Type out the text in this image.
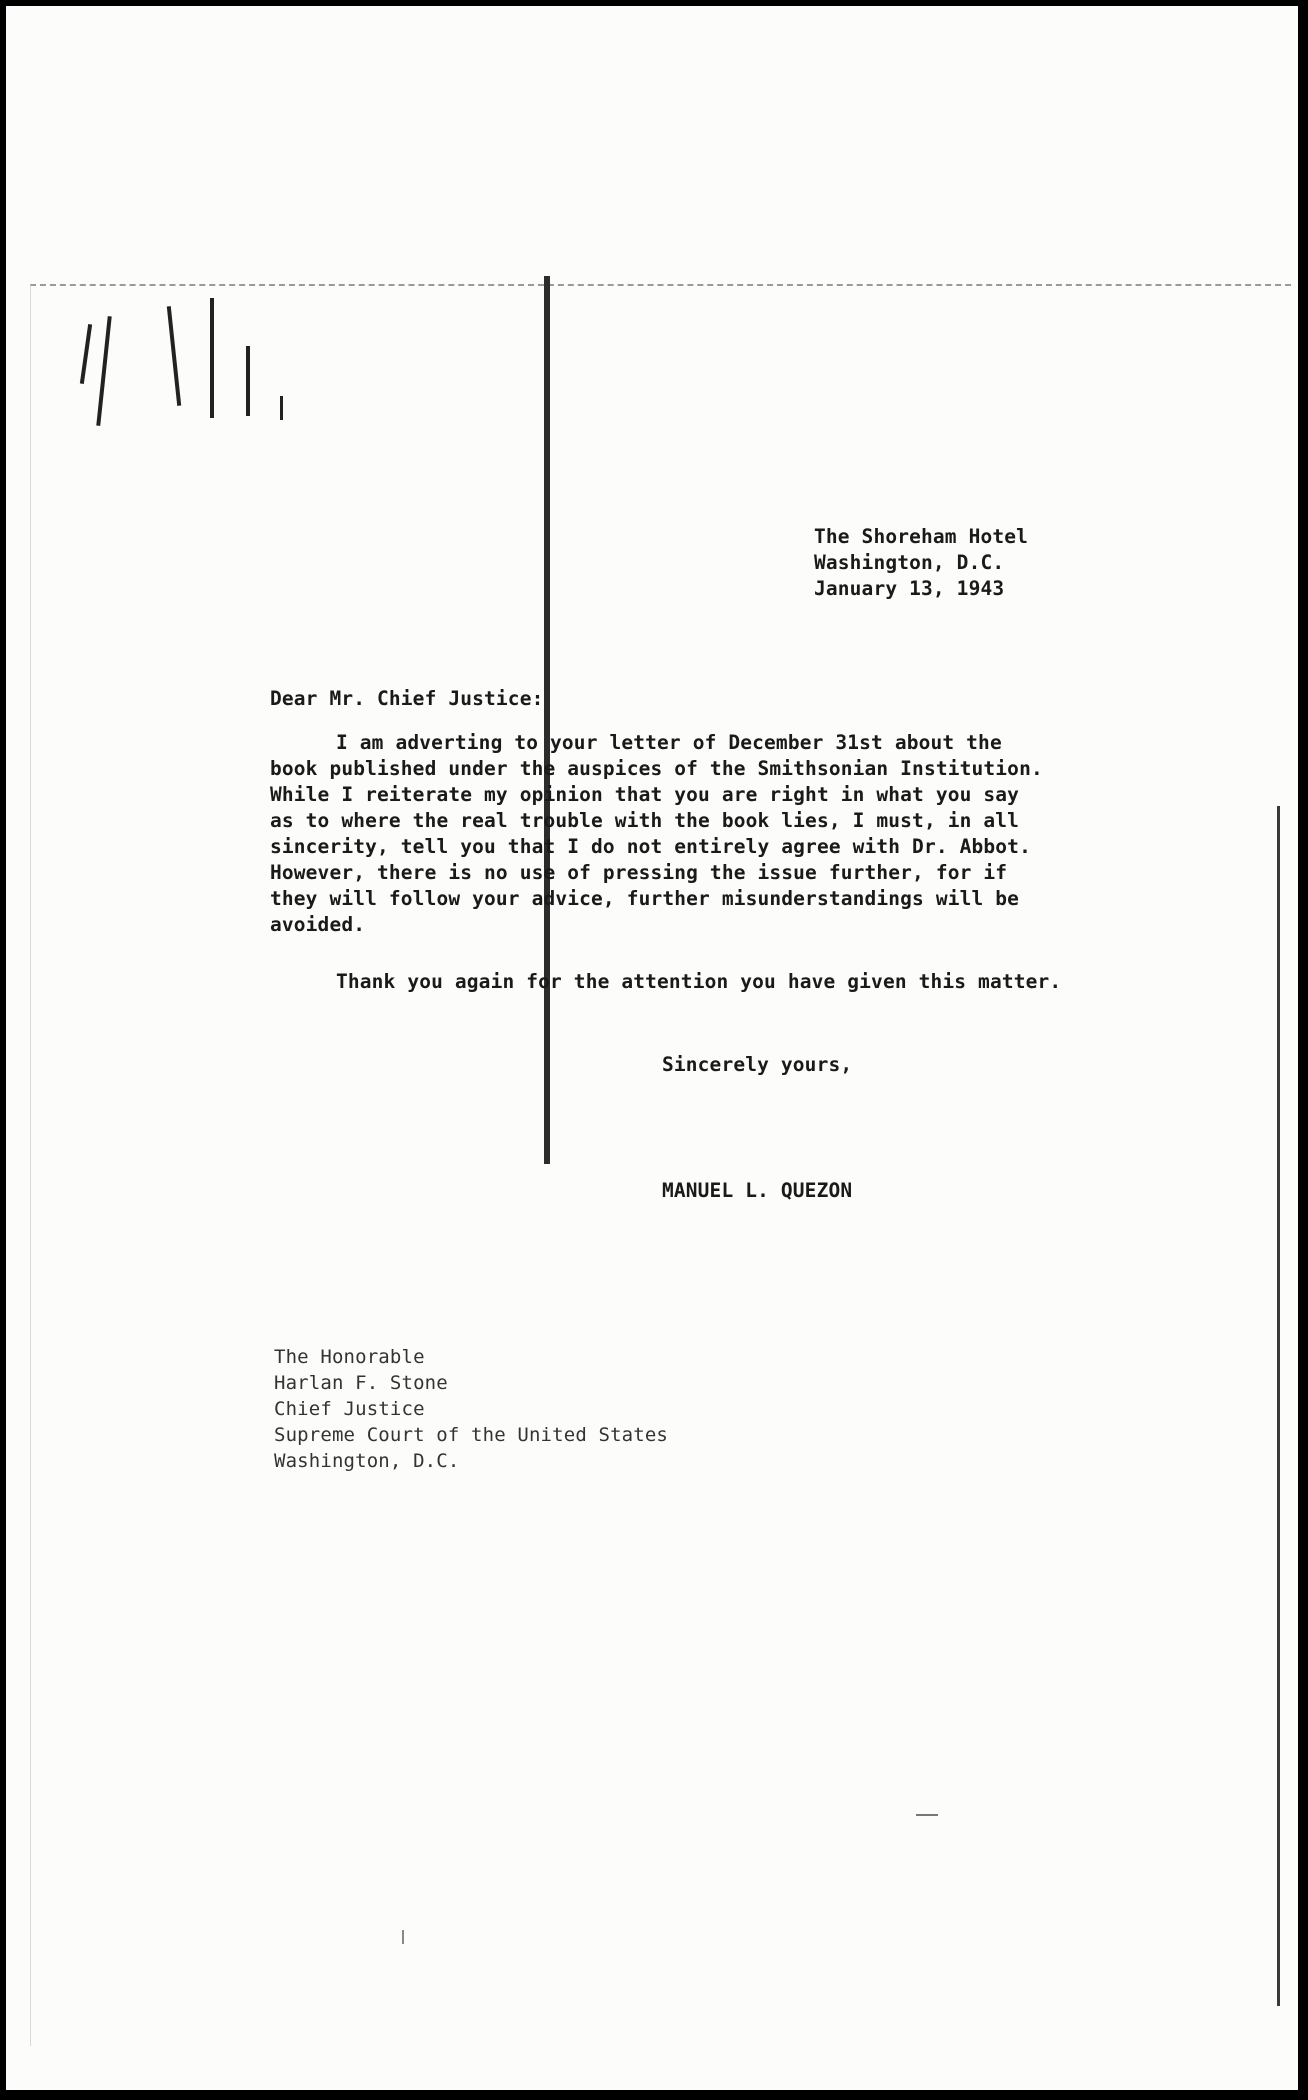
The Shoreham Hotel
Washington, D.C.
January 13, 1943
Dear Mr. Chief Justice:
I am adverting to your letter of December 31st about the
book published under the auspices of the Smithsonian Institution.
While I reiterate my opinion that you are right in what you say
as to where the real trouble with the book lies, I must, in all
sincerity, tell you that I do not entirely agree with Dr. Abbot.
However, there is no use of pressing the issue further, for if
they will follow your advice, further misunderstandings will be
avoided.
Thank you again for the attention you have given this matter.
Sincerely yours,
MANUEL L. QUEZON
The Honorable
Harlan F. Stone
Chief Justice
Supreme Court of the United States
Washington, D.C.
